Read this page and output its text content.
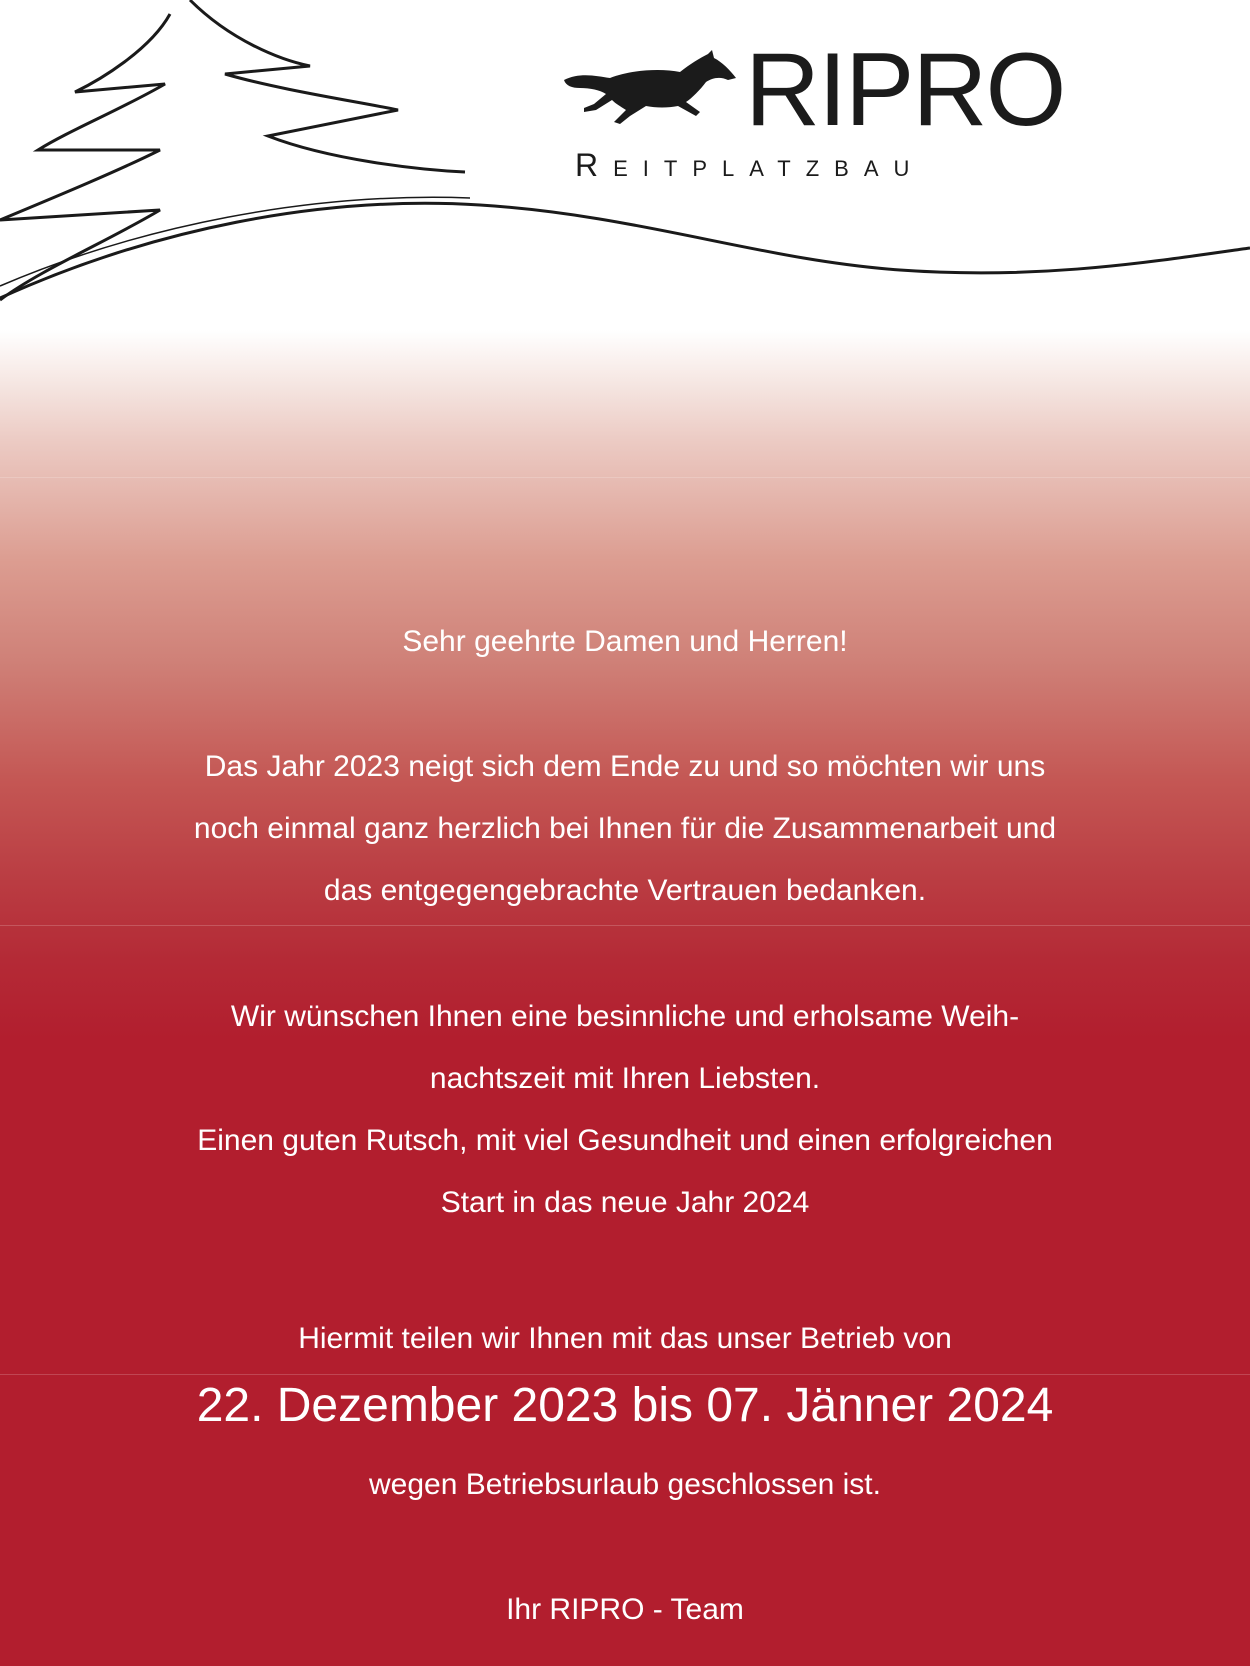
RIPRO
Reitplatzbau

Sehr geehrte Damen und Herren!

Das Jahr 2023 neigt sich dem Ende zu und so möchten wir uns

noch einmal ganz herzlich bei Ihnen für die Zusammenarbeit und

das entgegengebrachte Vertrauen bedanken.

Wir wünschen Ihnen eine besinnliche und erholsame Weih-

nachtszeit mit Ihren Liebsten.

Einen guten Rutsch, mit viel Gesundheit und einen erfolgreichen

Start in das neue Jahr 2024

Hiermit teilen wir Ihnen mit das unser Betrieb von

22. Dezember 2023 bis 07. Jänner 2024

wegen Betriebsurlaub geschlossen ist.

Ihr RIPRO - Team
